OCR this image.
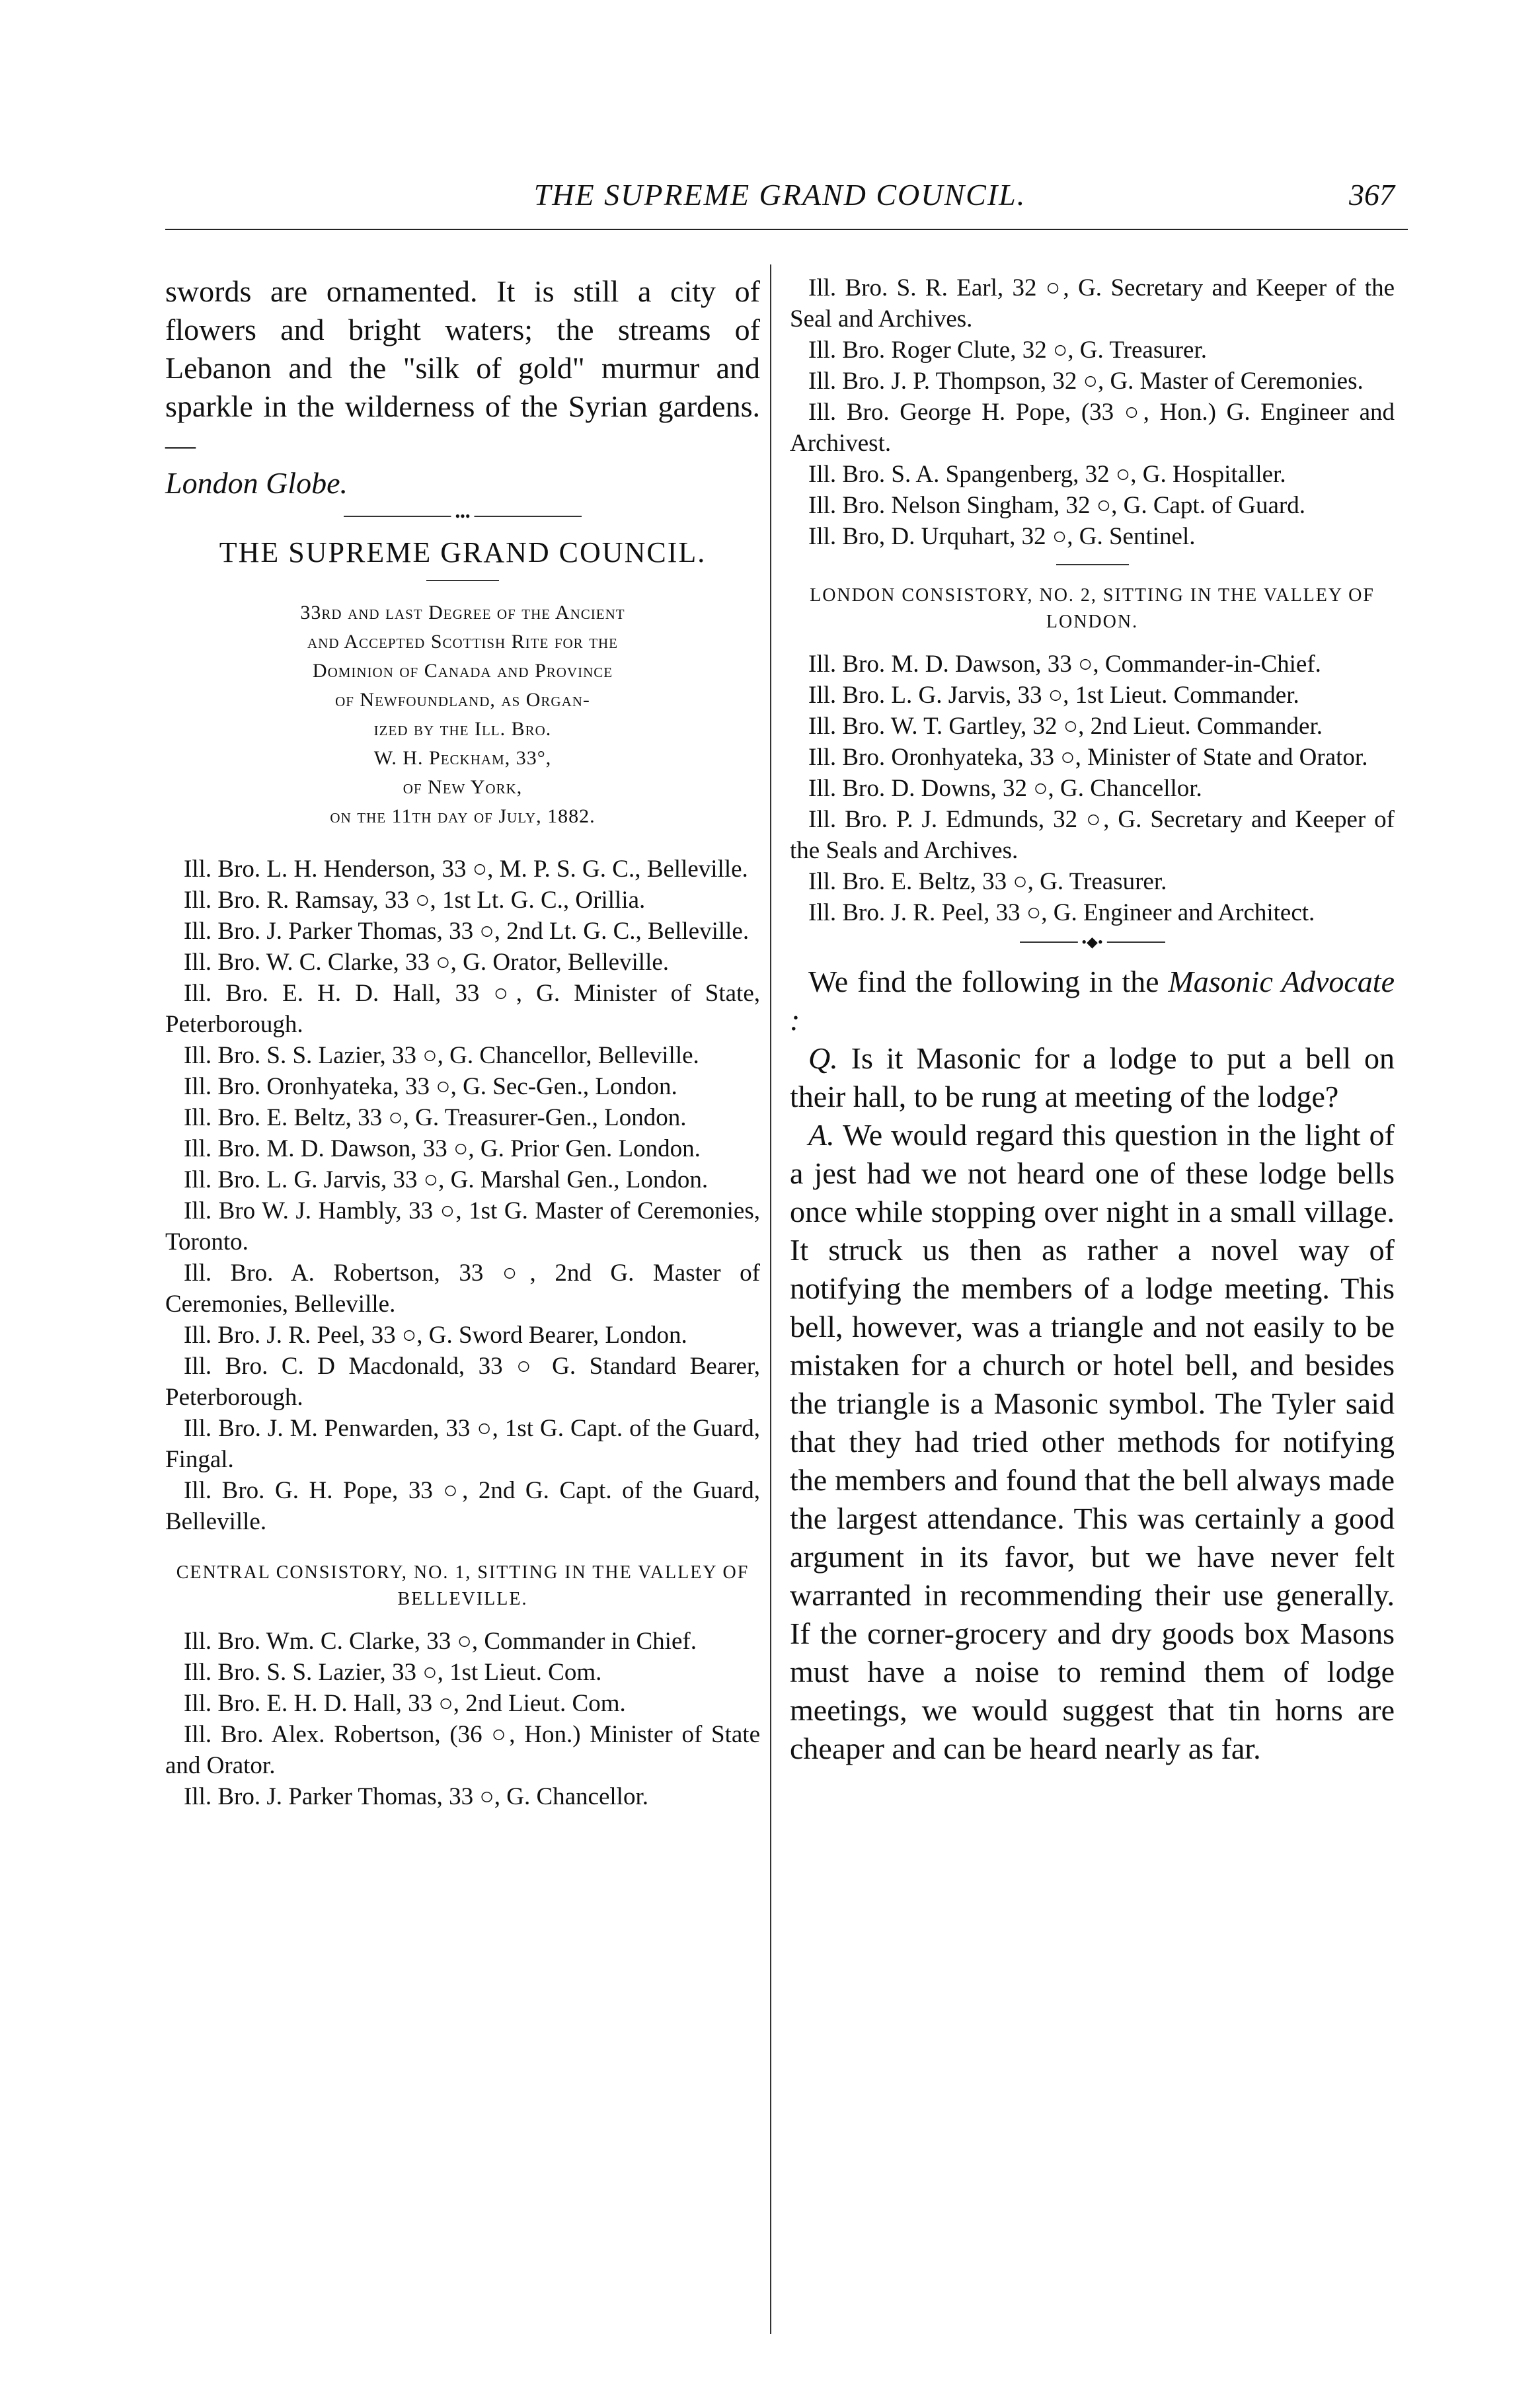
THE SUPREME GRAND COUNCIL.	367

swords are ornamented. It is still a city of flowers and bright waters; the streams of Lebanon and the "silk of gold" murmur and sparkle in the wilderness of the Syrian gardens.—

London Globe.

•••

THE SUPREME GRAND COUNCIL.

33rd and last Degree of the Ancient
and Accepted Scottish Rite for the
Dominion of Canada and Province
of Newfoundland, as Organ-
ized by the Ill. Bro.
W. H. Peckham, 33°,
of New York,
on the 11th day of July, 1882.

Ill. Bro. L. H. Henderson, 33 ○, M. P. S. G. C., Belleville.

Ill. Bro. R. Ramsay, 33 ○, 1st Lt. G. C., Orillia.

Ill. Bro. J. Parker Thomas, 33 ○, 2nd Lt. G. C., Belleville.

Ill. Bro. W. C. Clarke, 33 ○, G. Orator, Belleville.

Ill. Bro. E. H. D. Hall, 33 ○, G. Minister of State, Peterborough.

Ill. Bro. S. S. Lazier, 33 ○, G. Chancellor, Belleville.

Ill. Bro. Oronhyateka, 33 ○, G. Sec-Gen., London.

Ill. Bro. E. Beltz, 33 ○, G. Treasurer-Gen., London.

Ill. Bro. M. D. Dawson, 33 ○, G. Prior Gen. London.

Ill. Bro. L. G. Jarvis, 33 ○, G. Marshal Gen., London.

Ill. Bro W. J. Hambly, 33 ○, 1st G. Master of Ceremonies, Toronto.

Ill. Bro. A. Robertson, 33 ○, 2nd G. Master of Ceremonies, Belleville.

Ill. Bro. J. R. Peel, 33 ○, G. Sword Bearer, London.

Ill. Bro. C. D Macdonald, 33 ○ G. Standard Bearer, Peterborough.

Ill. Bro. J. M. Penwarden, 33 ○, 1st G. Capt. of the Guard, Fingal.

Ill. Bro. G. H. Pope, 33 ○, 2nd G. Capt. of the Guard, Belleville.

CENTRAL CONSISTORY, NO. 1, SITTING IN THE VALLEY OF BELLEVILLE.

Ill. Bro. Wm. C. Clarke, 33 ○, Commander in Chief.

Ill. Bro. S. S. Lazier, 33 ○, 1st Lieut. Com.

Ill. Bro. E. H. D. Hall, 33 ○, 2nd Lieut. Com.

Ill. Bro. Alex. Robertson, (36 ○, Hon.) Minister of State and Orator.

Ill. Bro. J. Parker Thomas, 33 ○, G. Chancellor.

Ill. Bro. S. R. Earl, 32 ○, G. Secretary and Keeper of the Seal and Archives.

Ill. Bro. Roger Clute, 32 ○, G. Treasurer.

Ill. Bro. J. P. Thompson, 32 ○, G. Master of Ceremonies.

Ill. Bro. George H. Pope, (33 ○, Hon.) G. Engineer and Archivest.

Ill. Bro. S. A. Spangenberg, 32 ○, G. Hospitaller.

Ill. Bro. Nelson Singham, 32 ○, G. Capt. of Guard.

Ill. Bro, D. Urquhart, 32 ○, G. Sentinel.

LONDON CONSISTORY, NO. 2, SITTING IN THE VALLEY OF LONDON.

Ill. Bro. M. D. Dawson, 33 ○, Commander-in-Chief.

Ill. Bro. L. G. Jarvis, 33 ○, 1st Lieut. Commander.

Ill. Bro. W. T. Gartley, 32 ○, 2nd Lieut. Commander.

Ill. Bro. Oronhyateka, 33 ○, Minister of State and Orator.

Ill. Bro. D. Downs, 32 ○, G. Chancellor.

Ill. Bro. P. J. Edmunds, 32 ○, G. Secretary and Keeper of the Seals and Archives.

Ill. Bro. E. Beltz, 33 ○, G. Treasurer.

Ill. Bro. J. R. Peel, 33 ○, G. Engineer and Architect.

•◆•

We find the following in the Masonic Advocate :

Q. Is it Masonic for a lodge to put a bell on their hall, to be rung at meeting of the lodge?

A. We would regard this question in the light of a jest had we not heard one of these lodge bells once while stopping over night in a small village. It struck us then as rather a novel way of notifying the members of a lodge meeting. This bell, however, was a triangle and not easily to be mistaken for a church or hotel bell, and besides the triangle is a Masonic symbol. The Tyler said that they had tried other methods for notifying the members and found that the bell always made the largest attendance. This was certainly a good argument in its favor, but we have never felt warranted in recommending their use generally. If the corner-grocery and dry goods box Masons must have a noise to remind them of lodge meetings, we would suggest that tin horns are cheaper and can be heard nearly as far.
